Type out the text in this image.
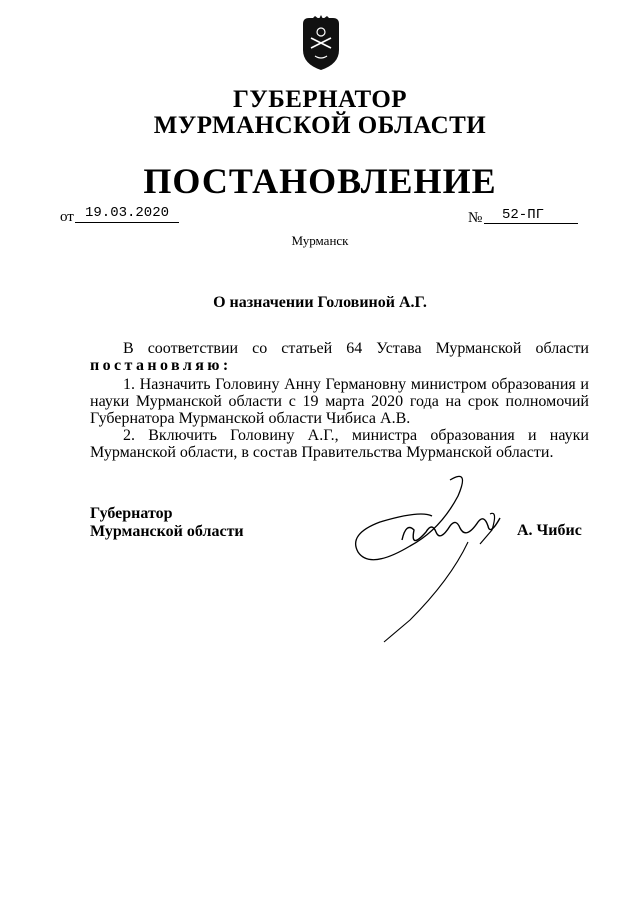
ГУБЕРНАТОР
МУРМАНСКОЙ ОБЛАСТИ
ПОСТАНОВЛЕНИЕ
от 19.03.2020	№	52-ПГ
Мурманск
О назначении Головиной А.Г.
В соответствии со статьей 64 Устава Мурманской области
постановляю:
1. Назначить Головину Анну Германовну министром образования и науки Мурманской области с 19 марта 2020 года на срок полномочий Губернатора Мурманской области Чибиса А.В.
2. Включить Головину А.Г., министра образования и науки Мурманской области, в состав Правительства Мурманской области.
Губернатор
Мурманской области	А. Чибис
